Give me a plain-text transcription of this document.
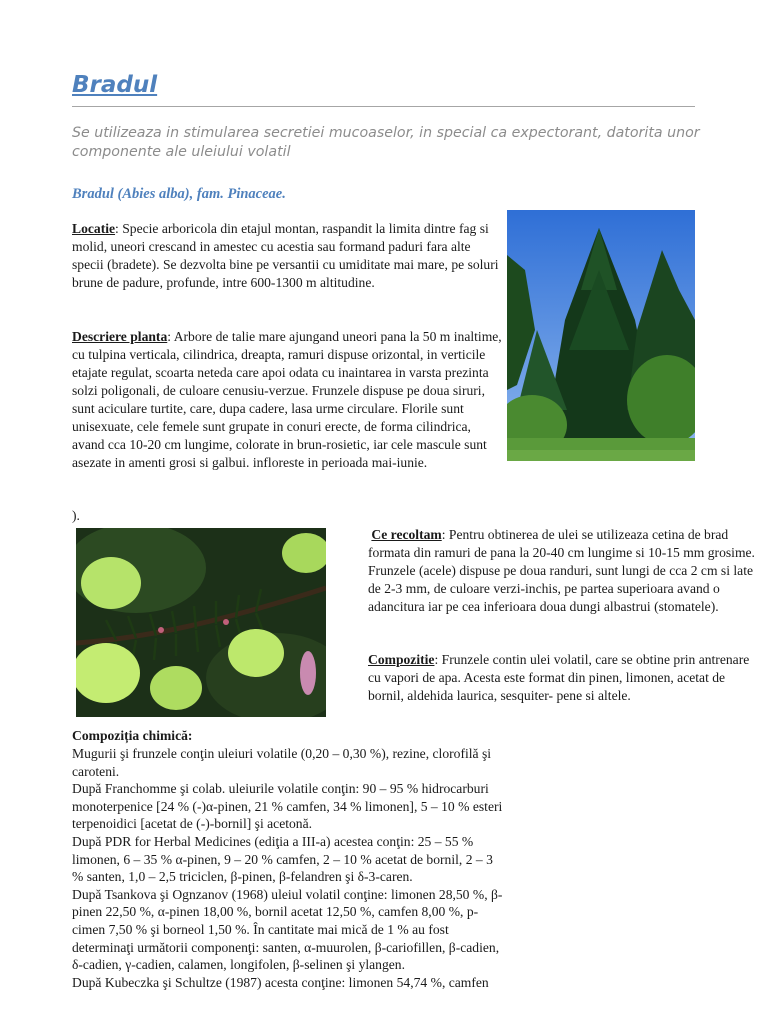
Bradul

Se utilizeaza in stimularea secretiei mucoaselor, in special ca expectorant, datorita unor componente ale uleiului volatil

Bradul (Abies alba), fam. Pinaceae.

Locatie: Specie arboricola din etajul montan, raspandit la limita dintre fag si molid, uneori crescand in amestec cu acestia sau formand paduri fara alte specii (bradete). Se dezvolta bine pe versantii cu umiditate mai mare, pe soluri brune de padure, profunde, intre 600-1300 m altitudine.

Descriere planta: Arbore de talie mare ajungand uneori pana la 50 m inaltime, cu tulpina verticala, cilindrica, dreapta, ramuri dispuse orizontal, in verticile etajate regulat, scoarta neteda care apoi odata cu inaintarea in varsta prezinta solzi poligonali, de culoare cenusiu-verzue. Frunzele dispuse pe doua siruri, sunt aciculare turtite, care, dupa cadere, lasa urme circulare. Florile sunt unisexuate, cele femele sunt grupate in conuri erecte, de forma cilindrica, avand cca 10-20 cm lungime, colorate in brun-rosietic, iar cele mascule sunt asezate in amenti grosi si galbui. infloreste in perioada mai-iunie.

).

Ce recoltam: Pentru obtinerea de ulei se utilizeaza cetina de brad formata din ramuri de pana la 20-40 cm lungime si 10-15 mm grosime. Frunzele (acele) dispuse pe doua randuri, sunt lungi de cca 2 cm si late de 2-3 mm, de culoare verzi-inchis, pe partea superioara avand o adancitura iar pe cea inferioara doua dungi albastrui (stomatele).

Compozitie: Frunzele contin ulei volatil, care se obtine prin antrenare cu vapori de apa. Acesta este format din pinen, limonen, acetat de bornil, aldehida laurica, sesquiter- pene si altele.

Compoziția chimică:
Mugurii şi frunzele conţin uleiuri volatile (0,20 – 0,30 %), rezine, clorofilă şi
caroteni.
După Franchomme şi colab. uleiurile volatile conţin: 90 – 95 % hidrocarburi
monoterpenice [24 % (-)α-pinen, 21 % camfen, 34 % limonen], 5 – 10 % esteri
terpenoidici [acetat de (-)-bornil] şi acetonă.
După PDR for Herbal Medicines (ediţia a III-a) acestea conţin: 25 – 55 %
limonen, 6 – 35 % α-pinen, 9 – 20 % camfen, 2 – 10 % acetat de bornil, 2 – 3
% santen, 1,0 – 2,5 triciclen, β-pinen, β-felandren şi δ-3-caren.
După Tsankova şi Ognzanov (1968) uleiul volatil conţine: limonen 28,50 %, β-
pinen 22,50 %, α-pinen 18,00 %, bornil acetat 12,50 %, camfen 8,00 %, p-
cimen 7,50 % şi borneol 1,50 %. În cantitate mai mică de 1 % au fost
determinaţi următorii componenţi: santen, α-muurolen, β-cariofillen, β-cadien,
δ-cadien, γ-cadien, calamen, longifolen, β-selinen şi ylangen.
După Kubeczka şi Schultze (1987) acesta conţine: limonen 54,74 %, camfen
